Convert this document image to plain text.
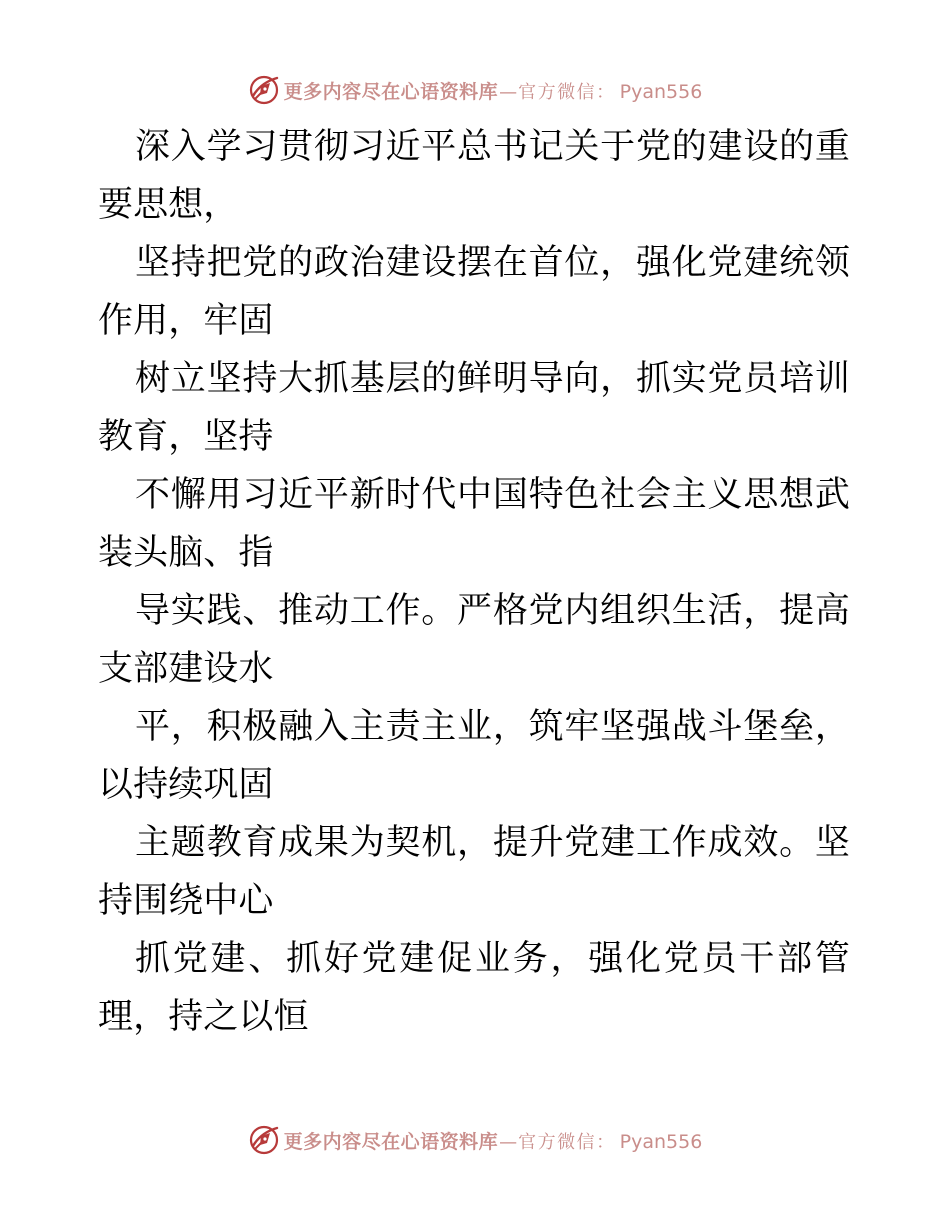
更多内容尽在心语资料库 — 官方微信： Pyan556

深入学习贯彻习近平总书记关于党的建设的重要思想，

坚持把党的政治建设摆在首位，强化党建统领作用，牢固

树立坚持大抓基层的鲜明导向，抓实党员培训教育，坚持

不懈用习近平新时代中国特色社会主义思想武装头脑、指

导实践、推动工作。严格党内组织生活，提高支部建设水

平，积极融入主责主业，筑牢坚强战斗堡垒，以持续巩固

主题教育成果为契机，提升党建工作成效。坚持围绕中心

抓党建、抓好党建促业务，强化党员干部管理，持之以恒

更多内容尽在心语资料库 — 官方微信： Pyan556
